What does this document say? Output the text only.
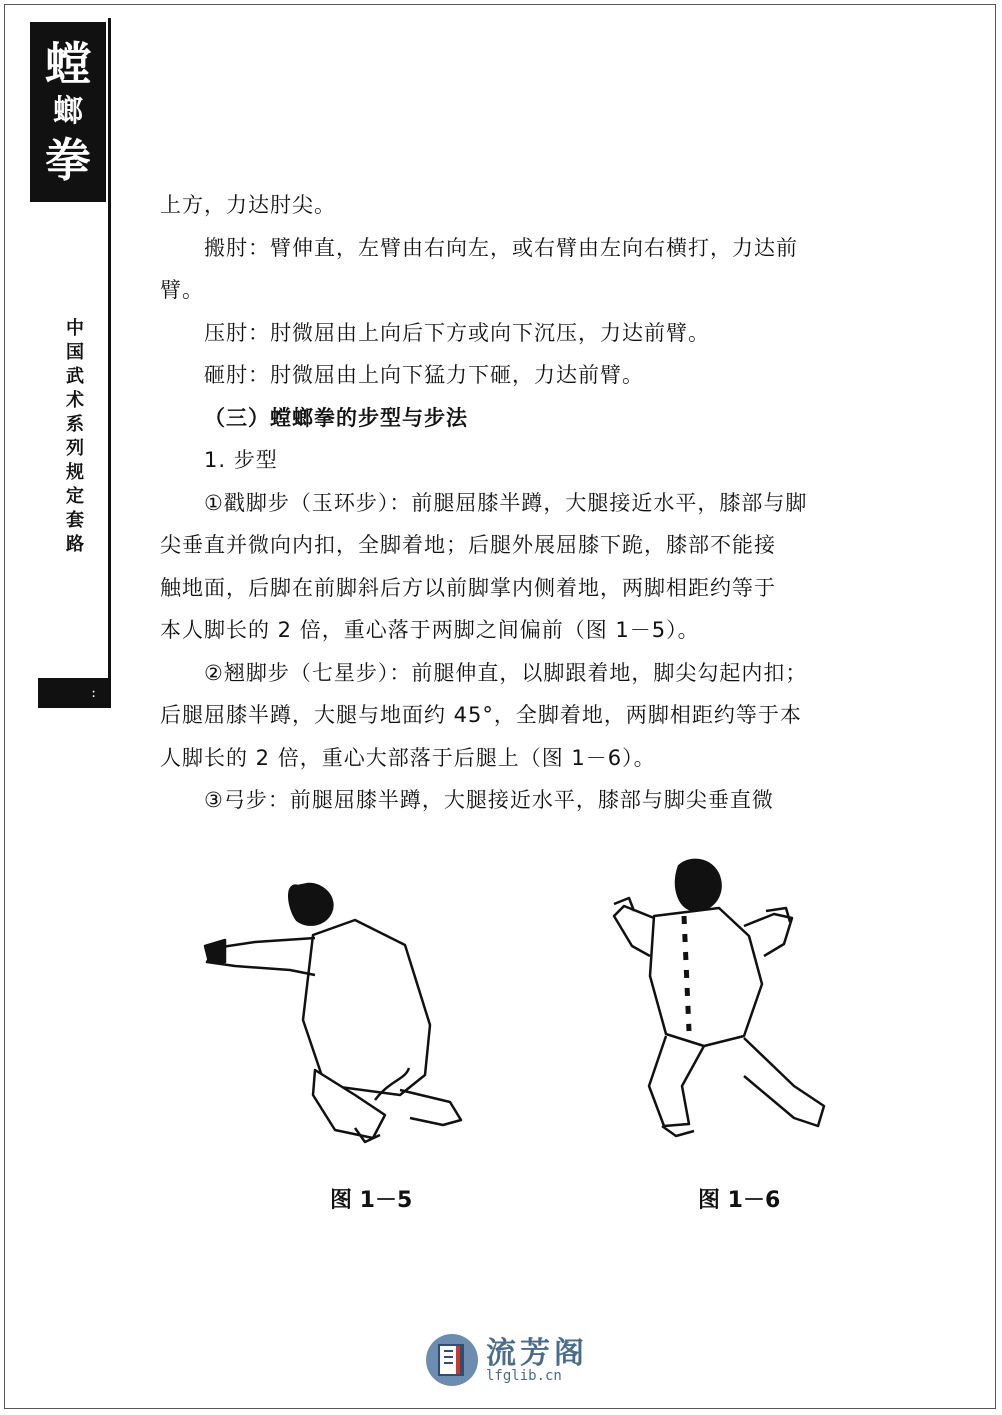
螳
螂
拳
中国武术系列规定套路
:

上方，力达肘尖。

搬肘：臂伸直，左臂由右向左，或右臂由左向右横打，力达前

臂。

压肘：肘微屈由上向后下方或向下沉压，力达前臂。

砸肘：肘微屈由上向下猛力下砸，力达前臂。

（三）螳螂拳的步型与步法

1. 步型

①戳脚步（玉环步）：前腿屈膝半蹲，大腿接近水平，膝部与脚

尖垂直并微向内扣，全脚着地；后腿外展屈膝下跪，膝部不能接

触地面，后脚在前脚斜后方以前脚掌内侧着地，两脚相距约等于

本人脚长的 2 倍，重心落于两脚之间偏前（图 1－5）。

②翘脚步（七星步）：前腿伸直，以脚跟着地，脚尖勾起内扣；

后腿屈膝半蹲，大腿与地面约 45°，全脚着地，两脚相距约等于本

人脚长的 2 倍，重心大部落于后腿上（图 1－6）。

③弓步：前腿屈膝半蹲，大腿接近水平，膝部与脚尖垂直微

图 1－5	图 1－6
流芳阁
lfglib.cn
